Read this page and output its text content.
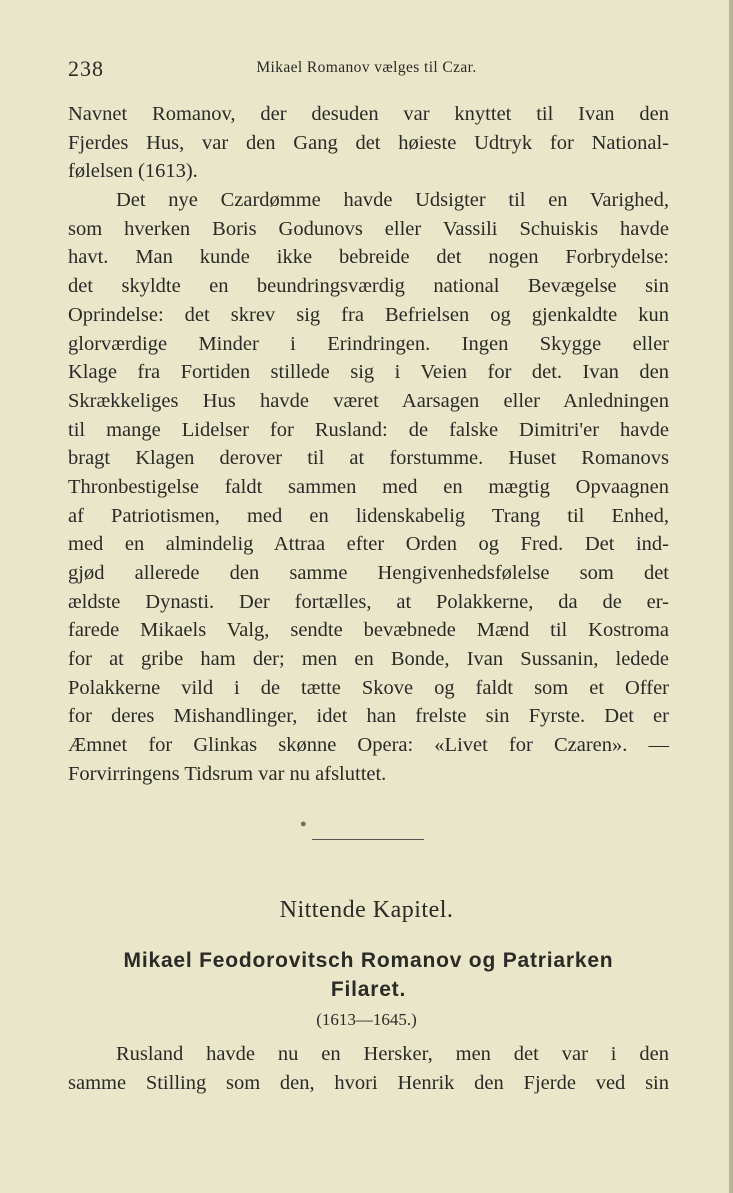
238	Mikael Romanov vælges til Czar.
Navnet Romanov, der desuden var knyttet til Ivan den
Fjerdes Hus, var den Gang det høieste Udtryk for National-
følelsen (1613).
Det nye Czardømme havde Udsigter til en Varighed,
som hverken Boris Godunovs eller Vassili Schuiskis havde
havt. Man kunde ikke bebreide det nogen Forbrydelse:
det skyldte en beundringsværdig national Bevægelse sin
Oprindelse: det skrev sig fra Befrielsen og gjenkaldte kun
glorværdige Minder i Erindringen. Ingen Skygge eller
Klage fra Fortiden stillede sig i Veien for det. Ivan den
Skrækkeliges Hus havde været Aarsagen eller Anledningen
til mange Lidelser for Rusland: de falske Dimitri'er havde
bragt Klagen derover til at forstumme. Huset Romanovs
Thronbestigelse faldt sammen med en mægtig Opvaagnen
af Patriotismen, med en lidenskabelig Trang til Enhed,
med en almindelig Attraa efter Orden og Fred. Det ind-
gjød allerede den samme Hengivenhedsfølelse som det
ældste Dynasti. Der fortælles, at Polakkerne, da de er-
farede Mikaels Valg, sendte bevæbnede Mænd til Kostroma
for at gribe ham der; men en Bonde, Ivan Sussanin, ledede
Polakkerne vild i de tætte Skove og faldt som et Offer
for deres Mishandlinger, idet han frelste sin Fyrste. Det er
Æmnet for Glinkas skønne Opera: «Livet for Czaren». —
Forvirringens Tidsrum var nu afsluttet.
●
Nittende Kapitel.
Mikael Feodorovitsch Romanov og Patriarken
Filaret.
(1613—1645.)
Rusland havde nu en Hersker, men det var i den
samme Stilling som den, hvori Henrik den Fjerde ved sin
